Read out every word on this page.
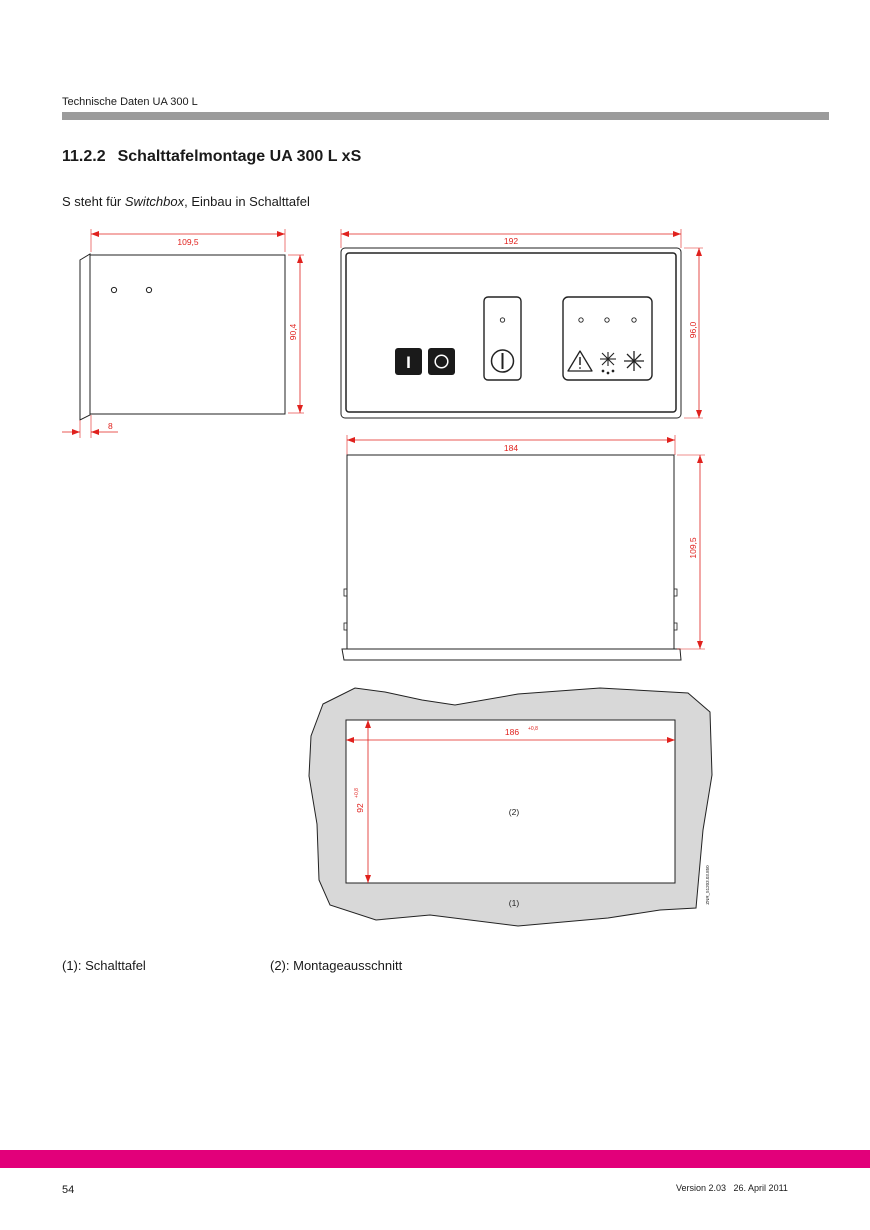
Technische Daten UA 300 L
11.2.2 Schalttafelmontage UA 300 L xS
S steht für Switchbox, Einbau in Schalttafel
109,5
90,4
8
192
96,0
I
184
109,5
186 +0,8
92
+0,8
(2)
(1)	ZNR_51203.03.850
(1): Schalttafel	(2): Montageausschnitt
54	Version 2.03   26. April 2011
